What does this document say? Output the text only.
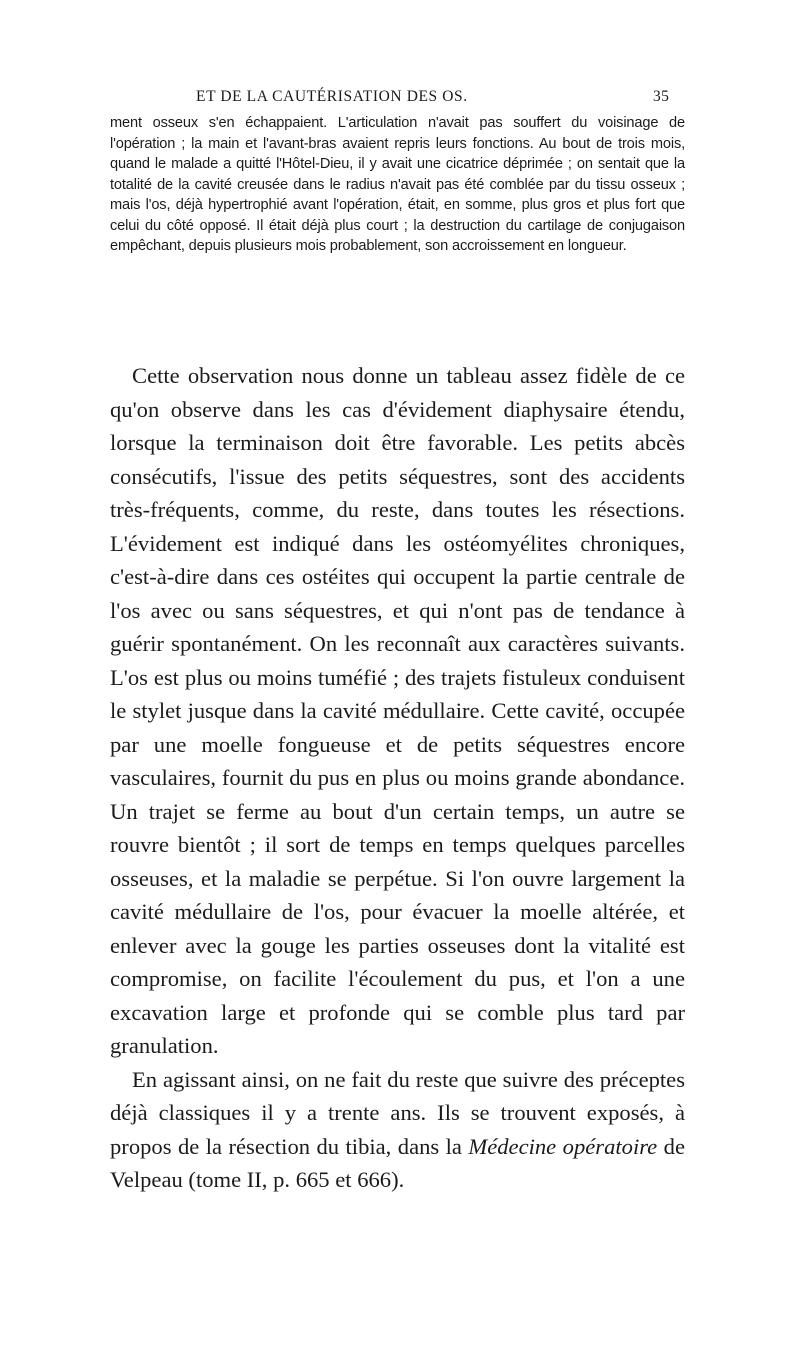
ET DE LA CAUTÉRISATION DES OS.	35

ment osseux s'en échappaient. L'articulation n'avait pas souffert du voisinage de l'opération ; la main et l'avant-bras avaient repris leurs fonctions. Au bout de trois mois, quand le malade a quitté l'Hôtel-Dieu, il y avait une cicatrice déprimée ; on sentait que la totalité de la cavité creusée dans le radius n'avait pas été comblée par du tissu osseux ; mais l'os, déjà hypertrophié avant l'opération, était, en somme, plus gros et plus fort que celui du côté opposé. Il était déjà plus court ; la destruction du cartilage de conjugaison empêchant, depuis plusieurs mois probablement, son accroissement en longueur.

Cette observation nous donne un tableau assez fidèle de ce qu'on observe dans les cas d'évidement diaphysaire étendu, lorsque la terminaison doit être favorable. Les petits abcès consécutifs, l'issue des petits séquestres, sont des accidents très-fréquents, comme, du reste, dans toutes les résections. L'évidement est indiqué dans les ostéomyélites chroniques, c'est-à-dire dans ces ostéites qui occupent la partie centrale de l'os avec ou sans séquestres, et qui n'ont pas de tendance à guérir spontanément. On les reconnaît aux caractères suivants. L'os est plus ou moins tuméfié ; des trajets fistuleux conduisent le stylet jusque dans la cavité médullaire. Cette cavité, occupée par une moelle fongueuse et de petits séquestres encore vasculaires, fournit du pus en plus ou moins grande abondance. Un trajet se ferme au bout d'un certain temps, un autre se rouvre bientôt ; il sort de temps en temps quelques parcelles osseuses, et la maladie se perpétue. Si l'on ouvre largement la cavité médullaire de l'os, pour évacuer la moelle altérée, et enlever avec la gouge les parties osseuses dont la vitalité est compromise, on facilite l'écoulement du pus, et l'on a une excavation large et profonde qui se comble plus tard par granulation.

En agissant ainsi, on ne fait du reste que suivre des préceptes déjà classiques il y a trente ans. Ils se trouvent exposés, à propos de la résection du tibia, dans la Médecine opératoire de Velpeau (tome II, p. 665 et 666).
